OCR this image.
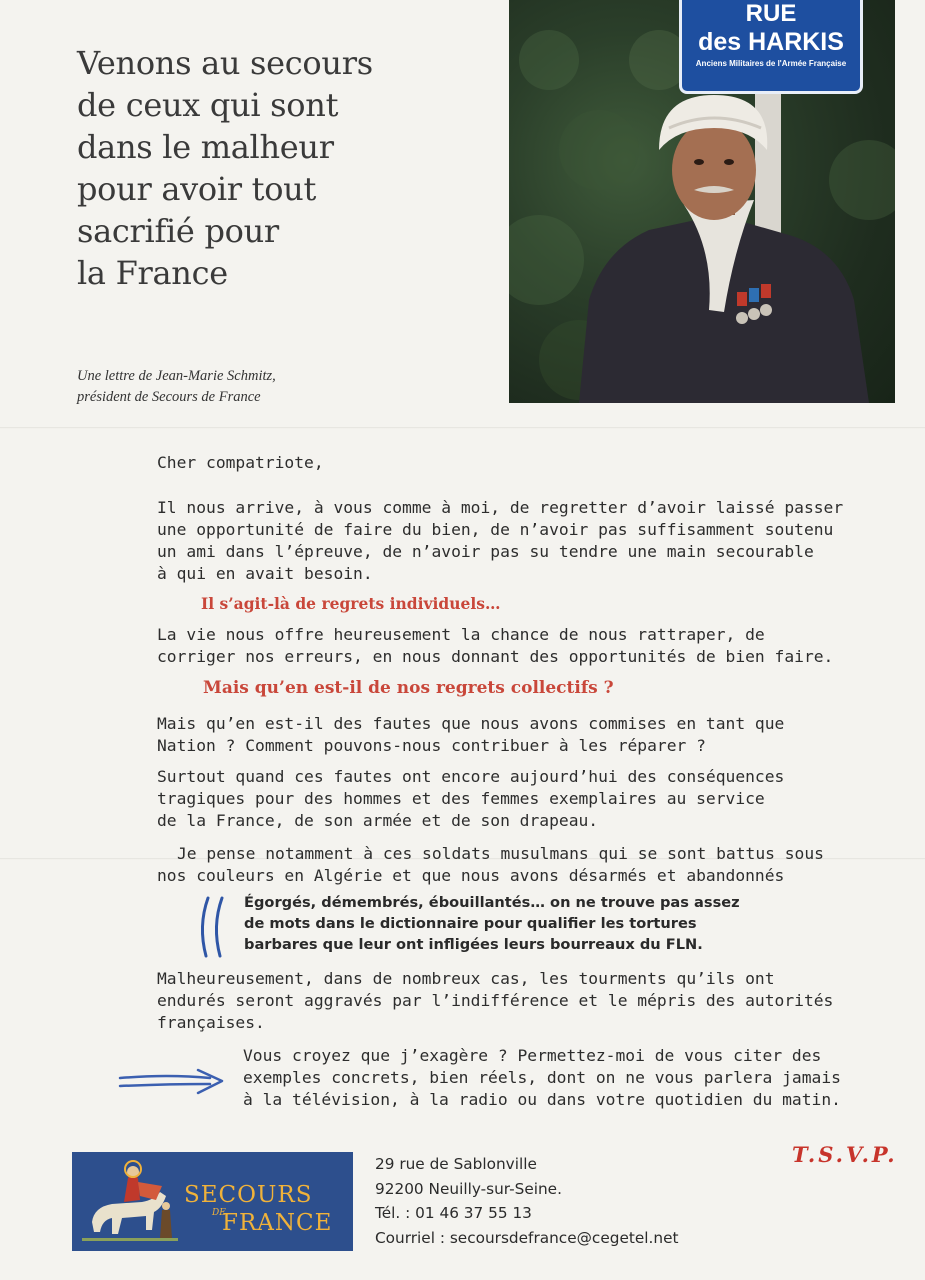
Venons au secours
de ceux qui sont
dans le malheur
pour avoir tout
sacrifié pour
la France
Une lettre de Jean-Marie Schmitz,
président de Secours de France
RUE
des HARKIS
Anciens Militaires de l'Armée Française
Cher compatriote,
Il nous arrive, à vous comme à moi, de regretter d’avoir laissé passer
une opportunité de faire du bien, de n’avoir pas suffisamment soutenu
un ami dans l’épreuve, de n’avoir pas su tendre une main secourable
à qui en avait besoin.
La vie nous offre heureusement la chance de nous rattraper, de
corriger nos erreurs, en nous donnant des opportunités de bien faire.
Mais qu’en est-il des fautes que nous avons commises en tant que
Nation ? Comment pouvons-nous contribuer à les réparer ?
Surtout quand ces fautes ont encore aujourd’hui des conséquences
tragiques pour des hommes et des femmes exemplaires au service
de la France, de son armée et de son drapeau.
Je pense notamment à ces soldats musulmans qui se sont battus sous
nos couleurs en Algérie et que nous avons désarmés et abandonnés
Malheureusement, dans de nombreux cas, les tourments qu’ils ont
endurés seront aggravés par l’indifférence et le mépris des autorités
françaises.
Vous croyez que j’exagère ? Permettez-moi de vous citer des
exemples concrets, bien réels, dont on ne vous parlera jamais
à la télévision, à la radio ou dans votre quotidien du matin.
Il s’agit-là de regrets individuels…
Mais qu’en est-il de nos regrets collectifs ?
Égorgés, démembrés, ébouillantés… on ne trouve pas assez
de mots dans le dictionnaire pour qualifier les tortures
barbares que leur ont infligées leurs bourreaux du FLN.
T.S.V.P.
SECOURS
DE
FRANCE
29 rue de Sablonville
92200 Neuilly-sur-Seine.
Tél. : 01 46 37 55 13
Courriel : secoursdefrance@cegetel.net
